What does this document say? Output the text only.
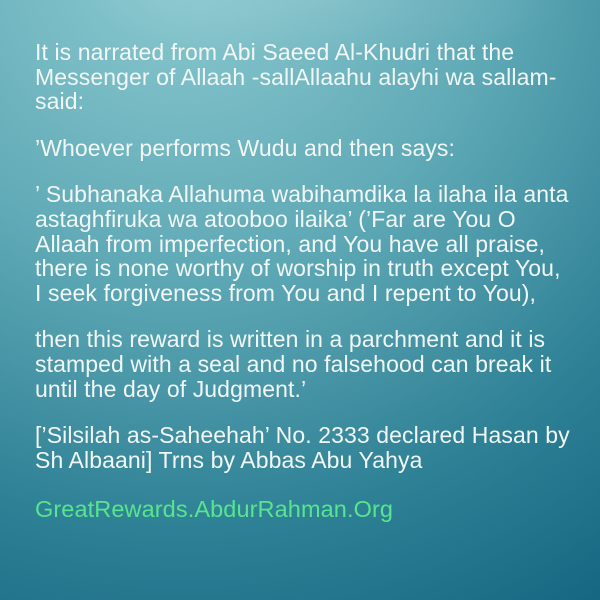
It is narrated from Abi Saeed Al-Khudri that the Messenger of Allaah -sallAllaahu alayhi wa sallam- said:

’Whoever performs Wudu and then says:

’ Subhanaka Allahuma wabihamdika la ilaha ila anta astaghfiruka wa atooboo ilaika’ (’Far are You O Allaah from imperfection, and You have all praise, there is none worthy of worship in truth except You, I seek forgiveness from You and I repent to You),

then this reward is written in a parchment and it is stamped with a seal and no falsehood can break it until the day of Judgment.’

[’Silsilah as-Saheehah’ No. 2333 declared Hasan by Sh Albaani] Trns by Abbas Abu Yahya

GreatRewards.AbdurRahman.Org
